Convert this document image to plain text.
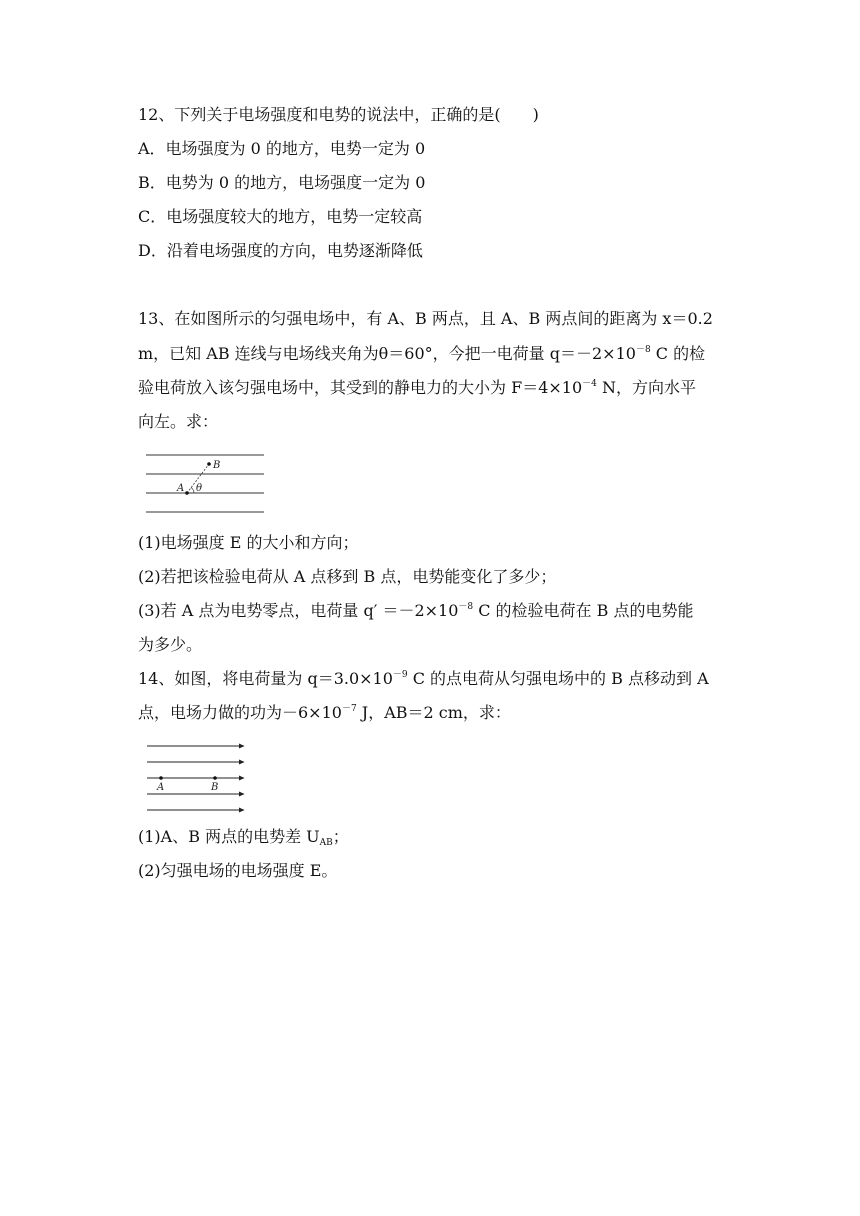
12、下列关于电场强度和电势的说法中，正确的是(　　)
A．电场强度为 0 的地方，电势一定为 0
B．电势为 0 的地方，电场强度一定为 0
C．电场强度较大的地方，电势一定较高
D．沿着电场强度的方向，电势逐渐降低
13、在如图所示的匀强电场中，有 A、B 两点，且 A、B 两点间的距离为 x＝0.2
m，已知 AB 连线与电场线夹角为θ＝60°，今把一电荷量 $q=-2\times 10^{-8}$ C 的检
验电荷放入该匀强电场中，其受到的静电力的大小为 $F=4\times 10^{-4}$ N，方向水平
向左。求：
A
B
θ
(1)电场强度 E 的大小和方向；
(2)若把该检验电荷从 A 点移到 B 点，电势能变化了多少；
(3)若 A 点为电势零点，电荷量 $q' =-2\times 10^{-8}$ C 的检验电荷在 B 点的电势能
为多少。
14、如图，将电荷量为 $q=3.0\times 10^{-9}$ C 的点电荷从匀强电场中的 B 点移动到 A
点，电场力做的功为$-6\times 10^{-7}$ J，AB＝2 cm，求：
A	B
(1)A、B 两点的电势差 $U_{AB}$；
(2)匀强电场的电场强度 E。
